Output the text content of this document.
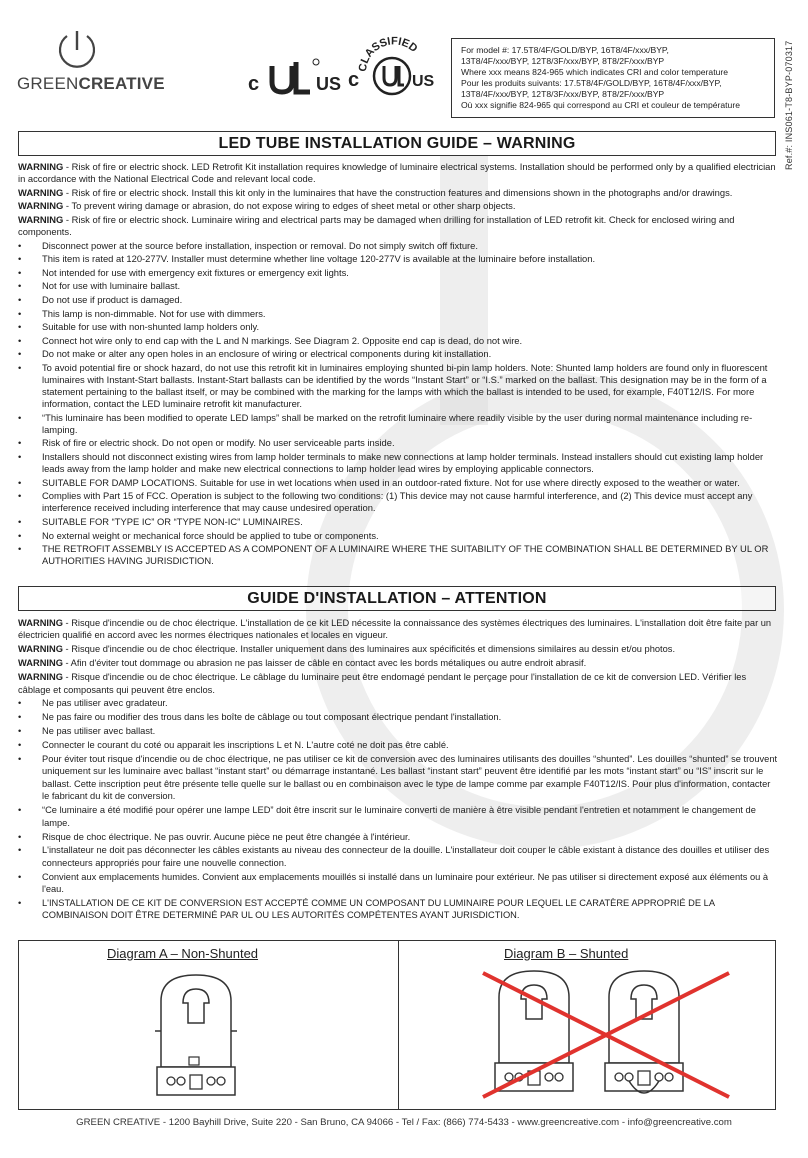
GREENCREATIVE	c	US
CLASSIFIED
c	US
For model #: 17.5T8/4F/GOLD/BYP, 16T8/4F/xxx/BYP,
13T8/4F/xxx/BYP, 12T8/3F/xxx/BYP, 8T8/2F/xxx/BYP
Where xxx means 824-965 which indicates CRI and color temperature
Pour les produits suivants: 17.5T8/4F/GOLD/BYP, 16T8/4F/xxx/BYP,
13T8/4F/xxx/BYP, 12T8/3F/xxx/BYP, 8T8/2F/xxx/BYP
Où xxx signifie 824-965 qui correspond au CRI et couleur de température	Ref.#: INS061-T8-BYP-070317
LED TUBE INSTALLATION GUIDE – WARNING

WARNING - Risk of fire or electric shock. LED Retrofit Kit installation requires knowledge of luminaire electrical systems. Installation should be performed only by a qualified electrician in accordance with the National Electrical Code and relevant local code.

WARNING - Risk of fire or electric shock. Install this kit only in the luminaires that have the construction features and dimensions shown in the photographs and/or drawings.

WARNING - To prevent wiring damage or abrasion, do not expose wiring to edges of sheet metal or other sharp objects.

WARNING - Risk of fire or electric shock. Luminaire wiring and electrical parts may be damaged when drilling for installation of LED retrofit kit. Check for enclosed wiring and components.

• Disconnect power at the source before installation, inspection or removal. Do not simply switch off fixture.
• This item is rated at 120-277V. Installer must determine whether line voltage 120-277V is available at the luminaire before installation.
• Not intended for use with emergency exit fixtures or emergency exit lights.
• Not for use with luminaire ballast.
• Do not use if product is damaged.
• This lamp is non-dimmable. Not for use with dimmers.
• Suitable for use with non-shunted lamp holders only.
• Connect hot wire only to end cap with the L and N markings. See Diagram 2. Opposite end cap is dead, do not wire.
• Do not make or alter any open holes in an enclosure of wiring or electrical components during kit installation.
• To avoid potential fire or shock hazard, do not use this retrofit kit in luminaires employing shunted bi-pin lamp holders. Note: Shunted lamp holders are found only in fluorescent luminaires with Instant-Start ballasts. Instant-Start ballasts can be identified by the words “Instant Start” or “I.S.” marked on the ballast. This designation may be in the form of a statement pertaining to the ballast itself, or may be combined with the marking for the lamps with which the ballast is intended to be used, for example, F40T12/IS. For more information, contact the LED luminaire retrofit kit manufacturer.
• “This luminaire has been modified to operate LED lamps” shall be marked on the retrofit luminaire where readily visible by the user during normal maintenance including re-lamping.
• Risk of fire or electric shock. Do not open or modify. No user serviceable parts inside.
• Installers should not disconnect existing wires from lamp holder terminals to make new connections at lamp holder terminals. Instead installers should cut existing lamp holder leads away from the lamp holder and make new electrical connections to lamp holder lead wires by employing applicable connectors.
• SUITABLE FOR DAMP LOCATIONS. Suitable for use in wet locations when used in an outdoor-rated fixture. Not for use where directly exposed to the weather or water.
• Complies with Part 15 of FCC. Operation is subject to the following two conditions: (1) This device may not cause harmful interference, and (2) This device must accept any interference received including interference that may cause undesired operation.
• SUITABLE FOR “TYPE IC” OR “TYPE NON-IC” LUMINAIRES.
• No external weight or mechanical force should be applied to tube or components.
• THE RETROFIT ASSEMBLY IS ACCEPTED AS A COMPONENT OF A LUMINAIRE WHERE THE SUITABILITY OF THE COMBINATION SHALL BE DETERMINED BY UL OR AUTHORITIES HAVING JURISDICTION.
GUIDE D'INSTALLATION – ATTENTION

WARNING - Risque d'incendie ou de choc électrique. L'installation de ce kit LED nécessite la connaissance des systèmes électriques des luminaires. L'installation doit être faite par un électricien qualifié en accord avec les normes électriques nationales et locales en vigueur.

WARNING - Risque d'incendie ou de choc électrique. Installer uniquement dans des luminaires aux spécificités et dimensions similaires au dessin et/ou photos.

WARNING - Afin d'éviter tout dommage ou abrasion ne pas laisser de câble en contact avec les bords métaliques ou autre endroit abrasif.

WARNING - Risque d'incendie ou de choc électrique. Le câblage du luminaire peut être endomagé pendant le perçage pour l'installation de ce kit de conversion LED. Vérifier les câblage et composants qui peuvent être enclos.

• Ne pas utiliser avec gradateur.
• Ne pas faire ou modifier des trous dans les boîte de câblage ou tout composant électrique pendant l'installation.
• Ne pas utiliser avec ballast.
• Connecter le courant du coté ou apparait les inscriptions L et N. L'autre coté ne doit pas être cablé.
• Pour éviter tout risque d'incendie ou de choc électrique, ne pas utiliser ce kit de conversion avec des luminaires utilisants des douilles “shunted”. Les douilles “shunted” se trouvent uniquement sur les luminaire avec ballast “instant start” ou démarrage instantané. Les ballast “instant start” peuvent être identifié par les mots “instant start” ou “IS” inscrit sur le ballast. Cette inscription peut être présente telle quelle sur le ballast ou en combinaison avec le type de lampe comme par example F40T12/IS. Pour plus d'information, contacter le fabricant du kit de conversion.
• “Ce luminaire a été modifié pour opérer une lampe LED” doit être inscrit sur le luminaire converti de manière à être visible pendant l'entretien et notamment le changement de lampe.
• Risque de choc électrique. Ne pas ouvrir. Aucune pièce ne peut être changée à l'intérieur.
• L'installateur ne doit pas déconnecter les câbles existants au niveau des connecteur de la douille. L'installateur doit couper le câble existant à distance des douilles et utiliser des connecteurs appropriés pour faire une nouvelle connection.
• Convient aux emplacements humides. Convient aux emplacements mouillés si installé dans un luminaire pour extérieur. Ne pas utiliser si directement exposé aux éléments ou à l'eau.
• L'INSTALLATION DE CE KIT DE CONVERSION EST ACCEPTÉ COMME UN COMPOSANT DU LUMINAIRE POUR LEQUEL LE CARATÈRE APPROPRIÉ DE LA COMBINAISON DOIT ÊTRE DETERMINÉ PAR UL OU LES AUTORITÉS COMPÉTENTES AYANT JURISDICTION.
Diagram A – Non-Shunted	Diagram B – Shunted
GREEN CREATIVE - 1200 Bayhill Drive, Suite 220 - San Bruno, CA 94066 - Tel / Fax: (866) 774-5433 - www.greencreative.com - info@greencreative.com
